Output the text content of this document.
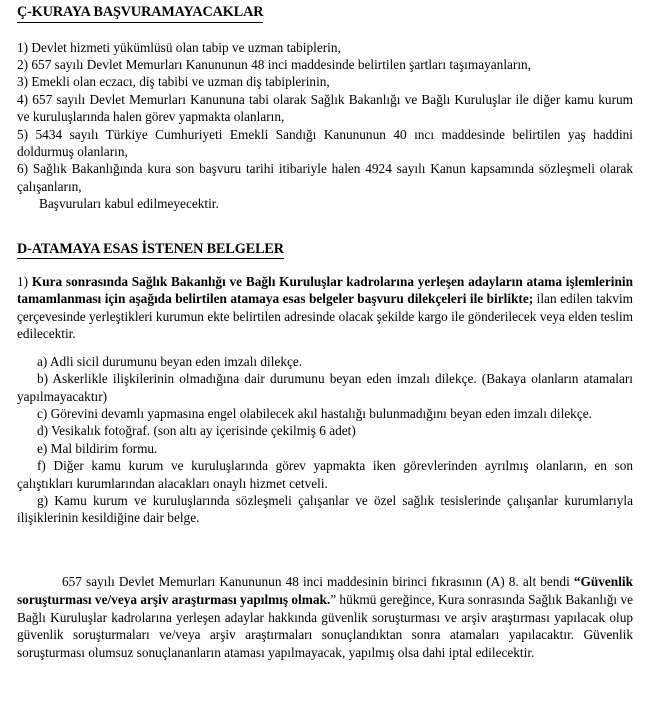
Ç-KURAYA BAŞVURAMAYACAKLAR
1) Devlet hizmeti yükümlüsü olan tabip ve uzman tabiplerin,
2) 657 sayılı Devlet Memurları Kanununun 48 inci maddesinde belirtilen şartları taşımayanların,
3) Emekli olan eczacı, diş tabibi ve uzman diş tabiplerinin,
4) 657 sayılı Devlet Memurları Kanununa tabi olarak Sağlık Bakanlığı ve Bağlı Kuruluşlar ile diğer kamu kurum ve kuruluşlarında halen görev yapmakta olanların,
5) 5434 sayılı Türkiye Cumhuriyeti Emekli Sandığı Kanununun 40 ıncı maddesinde belirtilen yaş haddini doldurmuş olanların,
6) Sağlık Bakanlığında kura son başvuru tarihi itibariyle halen 4924 sayılı Kanun kapsamında sözleşmeli olarak çalışanların,
Başvuruları kabul edilmeyecektir.
D-ATAMAYA ESAS İSTENEN BELGELER
1) Kura sonrasında Sağlık Bakanlığı ve Bağlı Kuruluşlar kadrolarına yerleşen adayların atama işlemlerinin tamamlanması için aşağıda belirtilen atamaya esas belgeler başvuru dilekçeleri ile birlikte; ilan edilen takvim çerçevesinde yerleştikleri kurumun ekte belirtilen adresinde olacak şekilde kargo ile gönderilecek veya elden teslim edilecektir.
a) Adli sicil durumunu beyan eden imzalı dilekçe.
b) Askerlikle ilişkilerinin olmadığına dair durumunu beyan eden imzalı dilekçe. (Bakaya olanların atamaları yapılmayacaktır)
c) Görevini devamlı yapmasına engel olabilecek akıl hastalığı bulunmadığını beyan eden imzalı dilekçe.
d) Vesikalık fotoğraf. (son altı ay içerisinde çekilmiş 6 adet)
e) Mal bildirim formu.
f) Diğer kamu kurum ve kuruluşlarında görev yapmakta iken görevlerinden ayrılmış olanların, en son çalıştıkları kurumlarından alacakları onaylı hizmet cetveli.
g) Kamu kurum ve kuruluşlarında sözleşmeli çalışanlar ve özel sağlık tesislerinde çalışanlar kurumlarıyla ilişiklerinin kesildiğine dair belge.
657 sayılı Devlet Memurları Kanununun 48 inci maddesinin birinci fıkrasının (A) 8. alt bendi “Güvenlik soruşturması ve/veya arşiv araştırması yapılmış olmak.” hükmü gereğince, Kura sonrasında Sağlık Bakanlığı ve Bağlı Kuruluşlar kadrolarına yerleşen adaylar hakkında güvenlik soruşturması ve arşiv araştırması yapılacak olup güvenlik soruşturmaları ve/veya arşiv araştırmaları sonuçlandıktan sonra atamaları yapılacaktır. Güvenlik soruşturması olumsuz sonuçlananların ataması yapılmayacak, yapılmış olsa dahi iptal edilecektir.
